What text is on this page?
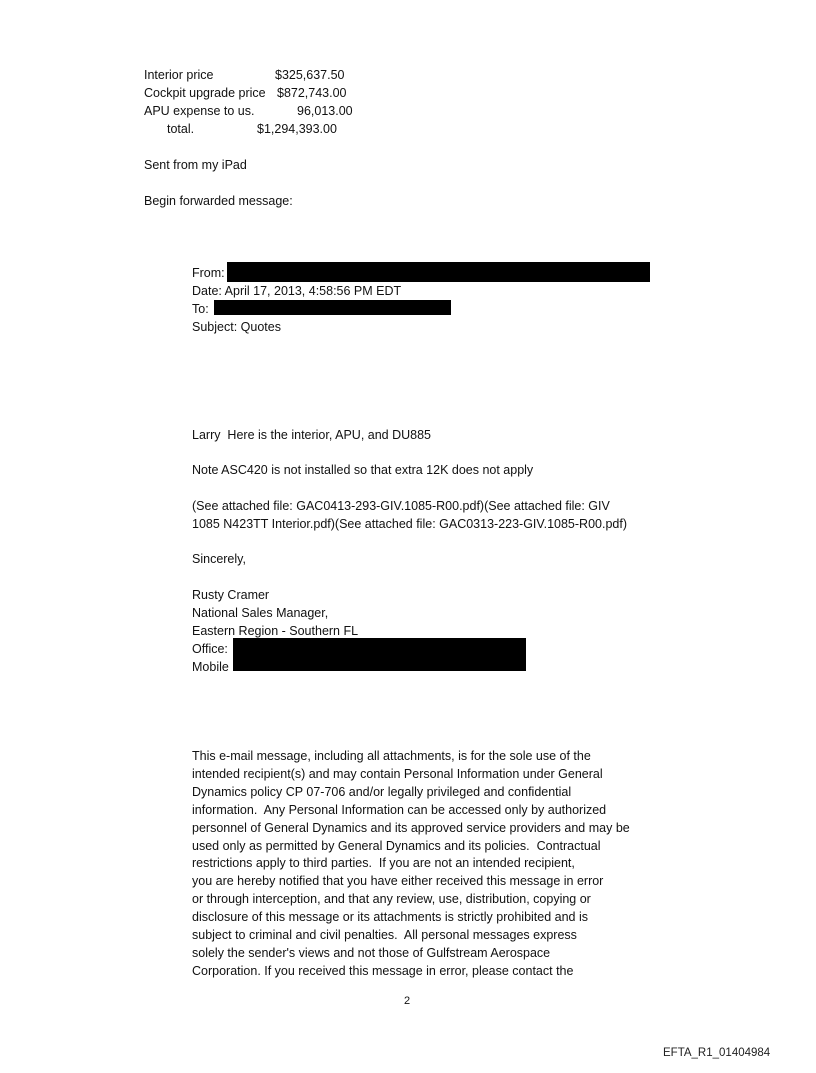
Interior price	$325,637.50
Cockpit upgrade price $872,743.00
APU expense to us.	96,013.00
total.	$1,294,393.00
Sent from my iPad
Begin forwarded message:
From:
Date: April 17, 2013, 4:58:56 PM EDT
To:
Subject: Quotes
Larry  Here is the interior, APU, and DU885
Note ASC420 is not installed so that extra 12K does not apply
(See attached file: GAC0413-293-GIV.1085-R00.pdf)(See attached file: GIV
1085 N423TT Interior.pdf)(See attached file: GAC0313-223-GIV.1085-R00.pdf)
Sincerely,
Rusty Cramer
National Sales Manager,
Eastern Region - Southern FL
Office:
Mobile
This e-mail message, including all attachments, is for the sole use of the
intended recipient(s) and may contain Personal Information under General
Dynamics policy CP 07-706 and/or legally privileged and confidential
information.  Any Personal Information can be accessed only by authorized
personnel of General Dynamics and its approved service providers and may be
used only as permitted by General Dynamics and its policies.  Contractual
restrictions apply to third parties.  If you are not an intended recipient,
you are hereby notified that you have either received this message in error
or through interception, and that any review, use, distribution, copying or
disclosure of this message or its attachments is strictly prohibited and is
subject to criminal and civil penalties.  All personal messages express
solely the sender's views and not those of Gulfstream Aerospace
Corporation. If you received this message in error, please contact the
2
EFTA_R1_01404984
